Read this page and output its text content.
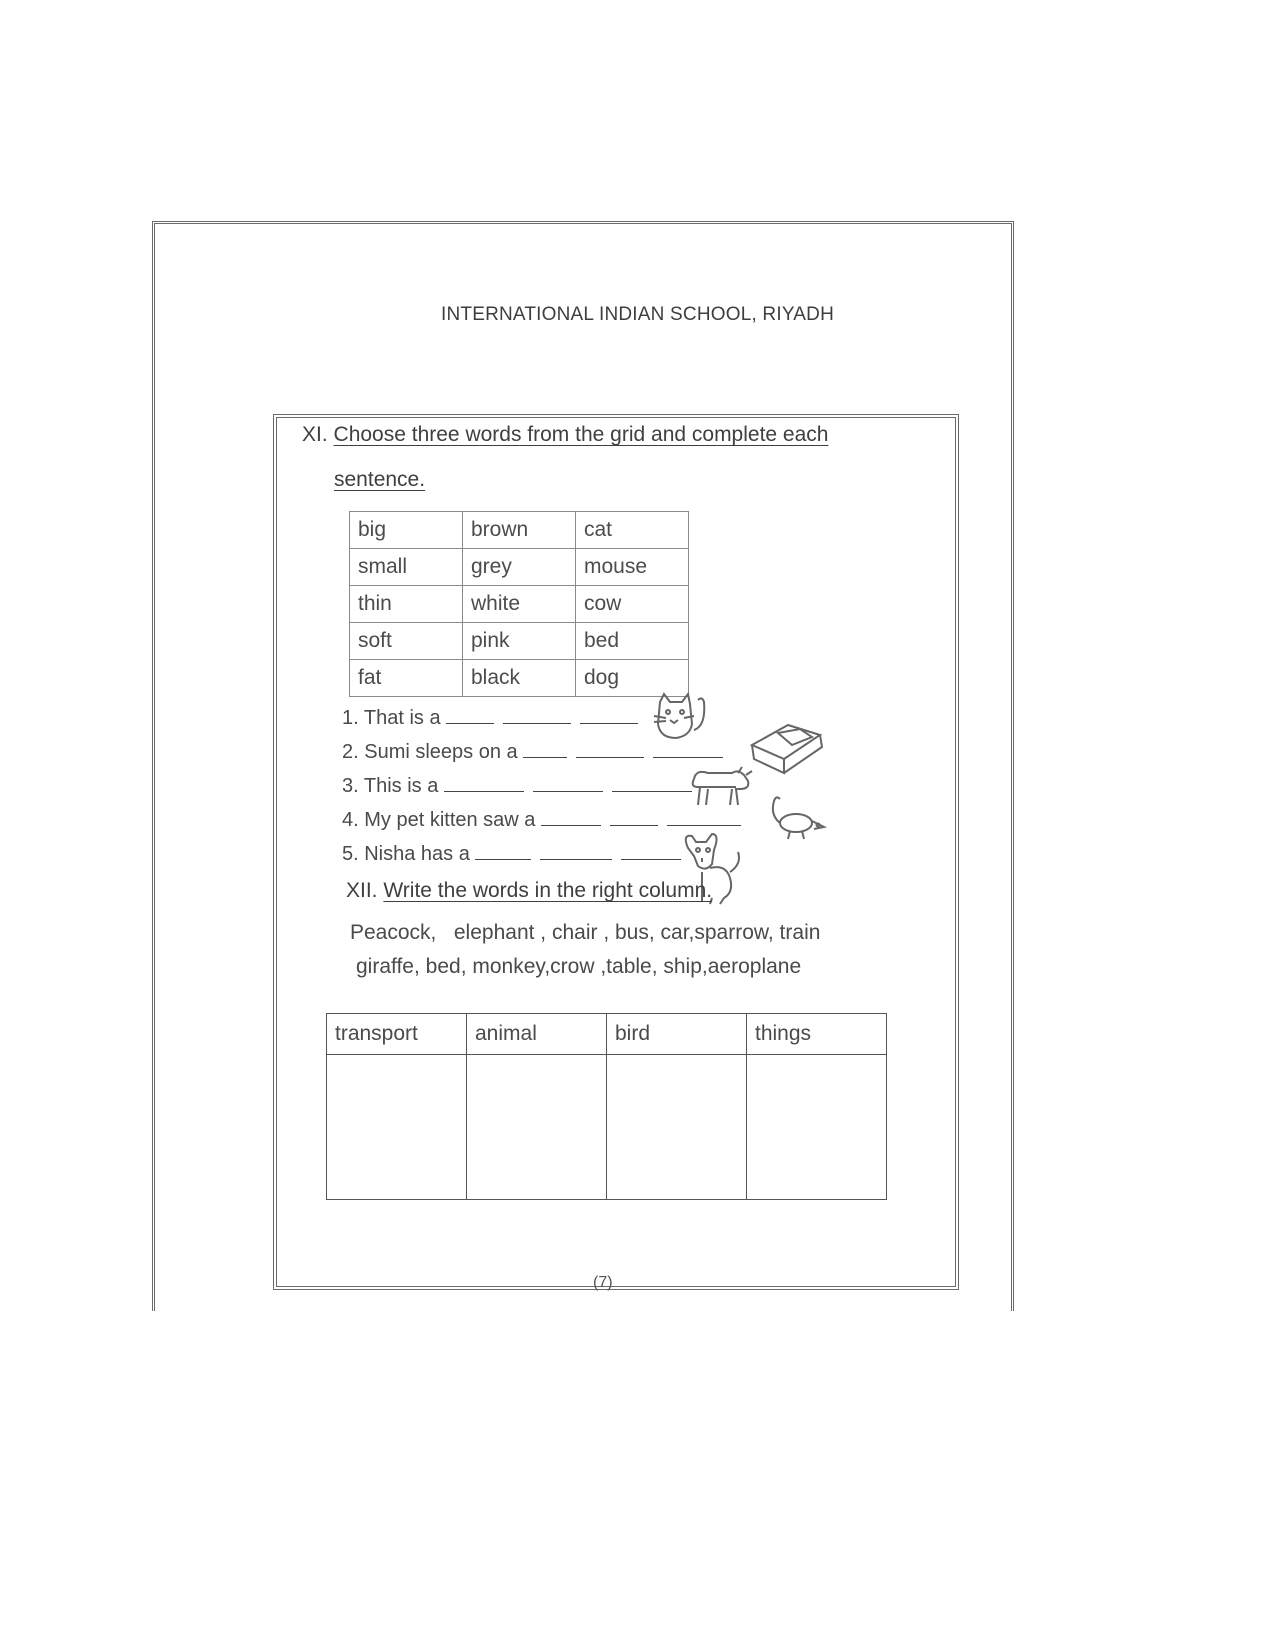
INTERNATIONAL INDIAN SCHOOL, RIYADH
XI. Choose three words from the grid and complete each
sentence.
big	brown	cat
small	grey	mouse
thin	white	cow
soft	pink	bed
fat	black	dog
1. That is a
2. Sumi sleeps on a
3. This is a
4. My pet kitten saw a
5. Nisha has a
XII. Write the words in the right column.
Peacock,   elephant , chair , bus, car,sparrow, train
giraffe, bed, monkey,crow ,table, ship,aeroplane
transport	animal	bird	things

(7)
